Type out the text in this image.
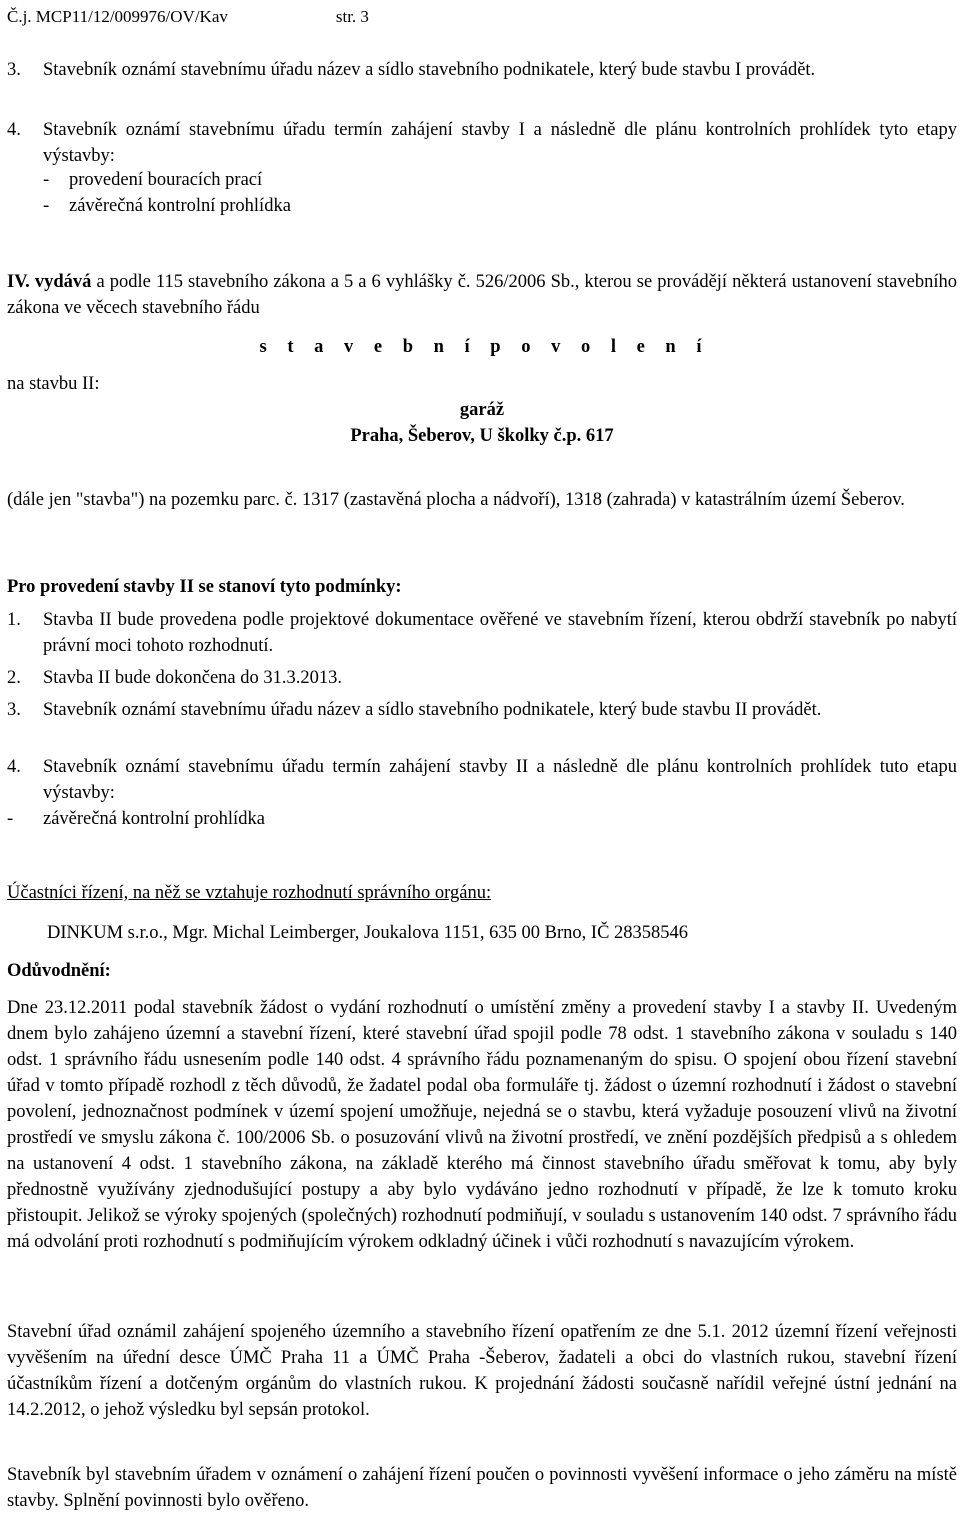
Č.j. MCP11/12/009976/OV/Kav	str. 3
3. Stavebník oznámí stavebnímu úřadu název a sídlo stavebního podnikatele, který bude stavbu I provádět.
4. Stavebník oznámí stavebnímu úřadu termín zahájení stavby I a následně dle plánu kontrolních prohlídek tyto etapy výstavby:
- provedení bouracích prací
- závěrečná kontrolní prohlídka
IV. vydává a podle 115 stavebního zákona a 5 a 6 vyhlášky č. 526/2006 Sb., kterou se provádějí některá ustanovení stavebního zákona ve věcech stavebního řádu
s t a v e b n í p o v o l e n í
na stavbu II:
garáž
Praha, Šeberov, U školky č.p. 617
(dále jen "stavba") na pozemku parc. č. 1317 (zastavěná plocha a nádvoří), 1318 (zahrada) v katastrálním území Šeberov.
Pro provedení stavby II se stanoví tyto podmínky:
1. Stavba II bude provedena podle projektové dokumentace ověřené ve stavebním řízení, kterou obdrží stavebník po nabytí právní moci tohoto rozhodnutí.
2. Stavba II bude dokončena do 31.3.2013.
3. Stavebník oznámí stavebnímu úřadu název a sídlo stavebního podnikatele, který bude stavbu II provádět.
4. Stavebník oznámí stavebnímu úřadu termín zahájení stavby II a následně dle plánu kontrolních prohlídek tuto etapu výstavby:
- závěrečná kontrolní prohlídka
Účastníci řízení, na něž se vztahuje rozhodnutí správního orgánu:
DINKUM s.r.o., Mgr. Michal Leimberger, Joukalova 1151, 635 00 Brno, IČ 28358546
Odůvodnění:
Dne 23.12.2011 podal stavebník žádost o vydání rozhodnutí o umístění změny a provedení stavby I a stavby II. Uvedeným dnem bylo zahájeno územní a stavební řízení, které stavební úřad spojil podle 78 odst. 1 stavebního zákona v souladu s 140 odst. 1 správního řádu usnesením podle 140 odst. 4 správního řádu poznamenaným do spisu. O spojení obou řízení stavební úřad v tomto případě rozhodl z těch důvodů, že žadatel podal oba formuláře tj. žádost o územní rozhodnutí i žádost o stavební povolení, jednoznačnost podmínek v území spojení umožňuje, nejedná se o stavbu, která vyžaduje posouzení vlivů na životní prostředí ve smyslu zákona č. 100/2006 Sb. o posuzování vlivů na životní prostředí, ve znění pozdějších předpisů a s ohledem na ustanovení 4 odst. 1 stavebního zákona, na základě kterého má činnost stavebního úřadu směřovat k tomu, aby byly přednostně využívány zjednodušující postupy a aby bylo vydáváno jedno rozhodnutí v případě, že lze k tomuto kroku přistoupit. Jelikož se výroky spojených (společných) rozhodnutí podmiňují, v souladu s ustanovením 140 odst. 7 správního řádu má odvolání proti rozhodnutí s podmiňujícím výrokem odkladný účinek i vůči rozhodnutí s navazujícím výrokem.
Stavební úřad oznámil zahájení spojeného územního a stavebního řízení opatřením ze dne 5.1. 2012 územní řízení veřejnosti vyvěšením na úřední desce ÚMČ Praha 11 a ÚMČ Praha -Šeberov, žadateli a obci do vlastních rukou, stavební řízení účastníkům řízení a dotčeným orgánům do vlastních rukou. K projednání žádosti současně nařídil veřejné ústní jednání na 14.2.2012, o jehož výsledku byl sepsán protokol.
Stavebník byl stavebním úřadem v oznámení o zahájení řízení poučen o povinnosti vyvěšení informace o jeho záměru na místě stavby. Splnění povinnosti bylo ověřeno.
